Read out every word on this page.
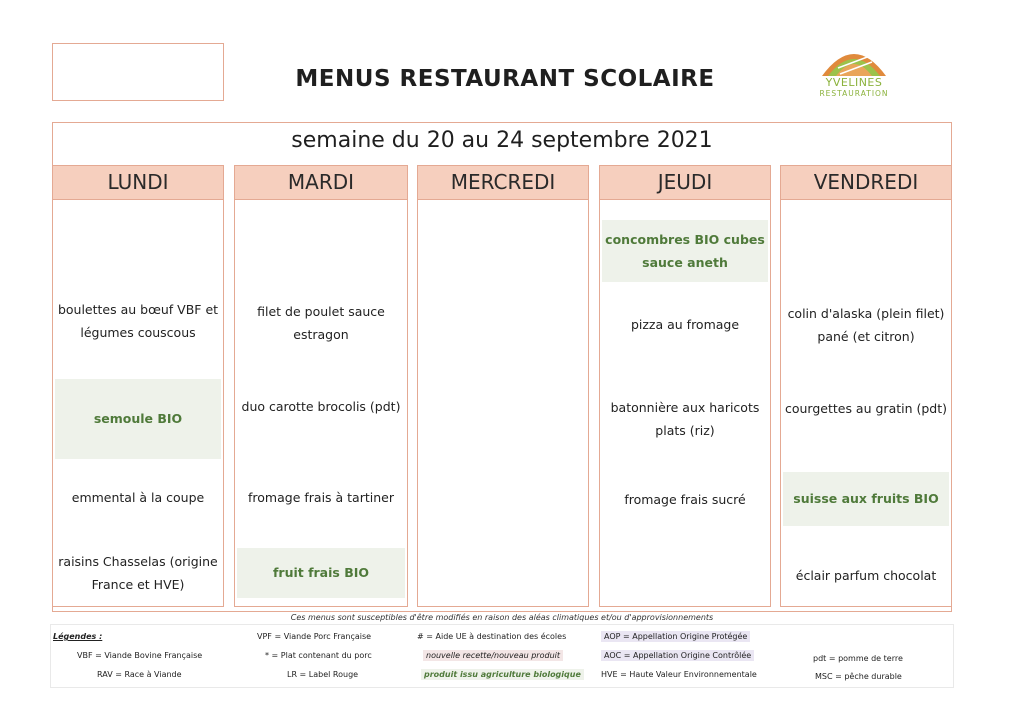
MENUS RESTAURANT SCOLAIRE	YVELINES
RESTAURATION
semaine du 20 au 24 septembre 2021
LUNDI
boulettes au bœuf VBF et légumes couscous
semoule BIO
emmental à la coupe
raisins Chasselas (origine France et HVE)
MARDI
filet de poulet sauce estragon
duo carotte brocolis (pdt)
fromage frais à tartiner
fruit frais BIO
MERCREDI	JEUDI
concombres BIO cubes sauce aneth
pizza au fromage
batonnière aux haricots plats (riz)
fromage frais sucré
VENDREDI
colin d'alaska (plein filet) pané (et citron)
courgettes au gratin (pdt)
suisse aux fruits BIO
éclair parfum chocolat
Ces menus sont susceptibles d'être modifiés en raison des aléas climatiques et/ou d'approvisionnements
Légendes :
VBF = Viande Bovine Française
RAV = Race à Viande
VPF = Viande Porc Française
* = Plat contenant du porc
LR = Label Rouge
# = Aide UE à destination des écoles
nouvelle recette/nouveau produit
produit issu agriculture biologique
AOP = Appellation Origine Protégée
AOC = Appellation Origine Contrôlée
HVE = Haute Valeur Environnementale
pdt = pomme de terre
MSC = pêche durable
